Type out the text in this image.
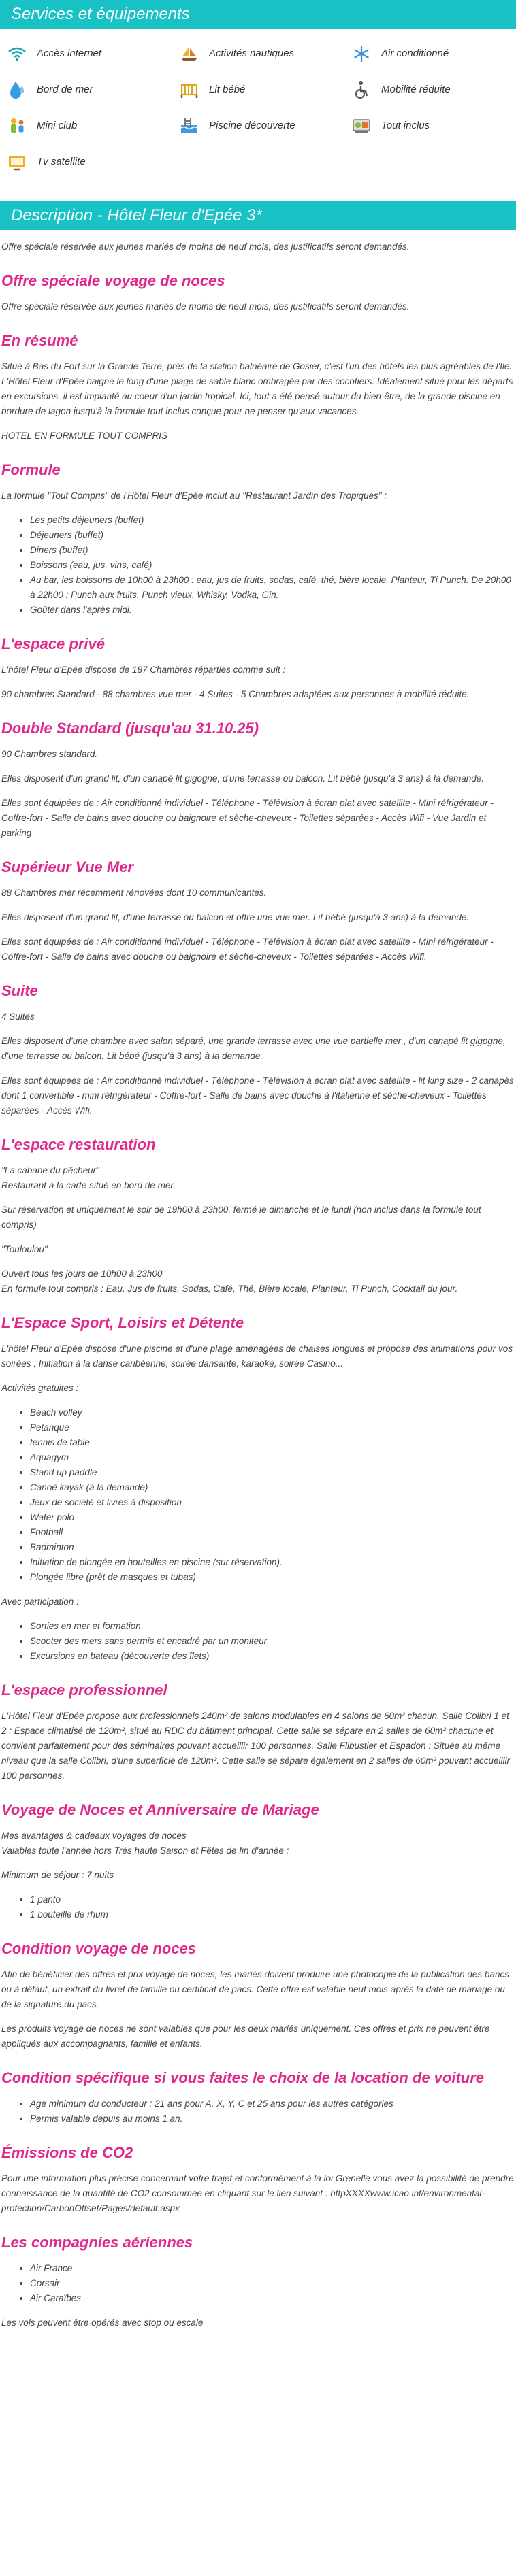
Services et équipements
Accès internet	Activités nautiques	Air conditionné
Bord de mer	Lit bébé	Mobilité réduite
Mini club	Piscine découverte	Tout inclus
Tv satellite
Description - Hôtel Fleur d'Epée 3*

Offre spéciale réservée aux jeunes mariés de moins de neuf mois, des justificatifs seront demandés.

Offre spéciale voyage de noces

Offre spéciale réservée aux jeunes mariés de moins de neuf mois, des justificatifs seront demandés.

En résumé

Situé à Bas du Fort sur la Grande Terre, près de la station balnéaire de Gosier, c'est l'un des hôtels les plus agréables de l'Ile. L'Hôtel Fleur d'Epée baigne le long d'une plage de sable blanc ombragée par des cocotiers. Idéalement situé pour les départs en excursions, il est implanté au coeur d'un jardin tropical. Ici, tout a été pensé autour du bien-être, de la grande piscine en bordure de lagon jusqu'à la formule tout inclus conçue pour ne penser qu'aux vacances.

HOTEL EN FORMULE TOUT COMPRIS

Formule

La formule "Tout Compris" de l'Hôtel Fleur d'Epée inclut au "Restaurant Jardin des Tropiques" :

• Les petits déjeuners (buffet)
• Déjeuners (buffet)
• Diners (buffet)
• Boissons (eau, jus, vins, café)
• Au bar, les boissons de 10h00 à 23h00 : eau, jus de fruits, sodas, café, thé, bière locale, Planteur, Ti Punch. De 20h00 à 22h00 : Punch aux fruits, Punch vieux, Whisky, Vodka, Gin.
• Goûter dans l'après midi.
L'espace privé

L'hôtel Fleur d'Epée dispose de 187 Chambres réparties comme suit :

90 chambres Standard - 88 chambres vue mer - 4 Suites - 5 Chambres adaptées aux personnes à mobilité réduite.

Double Standard (jusqu'au 31.10.25)

90 Chambres standard.

Elles disposent d'un grand lit, d'un canapé lit gigogne, d'une terrasse ou balcon. Lit bébé (jusqu'à 3 ans) à la demande.

Elles sont équipées de : Air conditionné individuel - Téléphone - Télévision à écran plat avec satellite - Mini réfrigérateur - Coffre-fort - Salle de bains avec douche ou baignoire et sèche-cheveux - Toilettes séparées - Accès Wifi - Vue Jardin et parking

Supérieur Vue Mer

88 Chambres mer récemment rénovées dont 10 communicantes.

Elles disposent d'un grand lit, d'une terrasse ou balcon et offre une vue mer. Lit bébé (jusqu'à 3 ans) à la demande.

Elles sont équipées de : Air conditionné individuel - Téléphone - Télévision à écran plat avec satellite - Mini réfrigérateur - Coffre-fort - Salle de bains avec douche ou baignoire et sèche-cheveux - Toilettes séparées - Accès Wifi.

Suite

4 Suites

Elles disposent d'une chambre avec salon séparé, une grande terrasse avec une vue partielle mer , d'un canapé lit gigogne, d'une terrasse ou balcon. Lit bébé (jusqu'à 3 ans) à la demande.

Elles sont équipées de : Air conditionné individuel - Téléphone - Télévision à écran plat avec satellite - lit king size - 2 canapés dont 1 convertible - mini réfrigérateur - Coffre-fort - Salle de bains avec douche à l'italienne et sèche-cheveux - Toilettes séparées - Accès Wifi.

L'espace restauration

"La cabane du pêcheur"
Restaurant à la carte situé en bord de mer.

Sur réservation et uniquement le soir de 19h00 à 23h00, fermé le dimanche et le lundi (non inclus dans la formule tout compris)

"Touloulou"

Ouvert tous les jours de 10h00 à 23h00
En formule tout compris : Eau, Jus de fruits, Sodas, Café, Thé, Bière locale, Planteur, Ti Punch, Cocktail du jour.

L'Espace Sport, Loisirs et Détente

L'hôtel Fleur d'Epée dispose d'une piscine et d'une plage aménagées de chaises longues et propose des animations pour vos soirées : Initiation à la danse caribéenne, soirée dansante, karaoké, soirée Casino...

Activités gratuites :

• Beach volley
• Petanque
• tennis de table
• Aquagym
• Stand up paddle
• Canoë kayak (à la demande)
• Jeux de société et livres à disposition
• Water polo
• Football
• Badminton
• Initiation de plongée en bouteilles en piscine (sur réservation).
• Plongée libre (prêt de masques et tubas)

Avec participation :

• Sorties en mer et formation
• Scooter des mers sans permis et encadré par un moniteur
• Excursions en bateau (découverte des îlets)
L'espace professionnel

L'Hôtel Fleur d'Epée propose aux professionnels 240m² de salons modulables en 4 salons de 60m² chacun. Salle Colibri 1 et 2 : Espace climatisé de 120m², situé au RDC du bâtiment principal. Cette salle se sépare en 2 salles de 60m² chacune et convient parfaitement pour des séminaires pouvant accueillir 100 personnes. Salle Flibustier et Espadon : Située au même niveau que la salle Colibri, d'une superficie de 120m². Cette salle se sépare également en 2 salles de 60m² pouvant accueillir 100 personnes.

Voyage de Noces et Anniversaire de Mariage

Mes avantages & cadeaux voyages de noces
Valables toute l'année hors Très haute Saison et Fêtes de fin d'année :

Minimum de séjour : 7 nuits

• 1 panto
• 1 bouteille de rhum
Condition voyage de noces

Afin de bénéficier des offres et prix voyage de noces, les mariés doivent produire une photocopie de la publication des bancs ou à défaut, un extrait du livret de famille ou certificat de pacs. Cette offre est valable neuf mois après la date de mariage ou de la signature du pacs.

Les produits voyage de noces ne sont valables que pour les deux mariés uniquement. Ces offres et prix ne peuvent être appliqués aux accompagnants, famille et enfants.

Condition spécifique si vous faites le choix de la location de voiture
• Age minimum du conducteur : 21 ans pour A, X, Y, C et 25 ans pour les autres catégories
• Permis valable depuis au moins 1 an.
Émissions de CO2

Pour une information plus précise concernant votre trajet et conformément à la loi Grenelle vous avez la possibilité de prendre connaissance de la quantité de CO2 consommée en cliquant sur le lien suivant : httpXXXXwww.icao.int/environmental-protection/CarbonOffset/Pages/default.aspx

Les compagnies aériennes
• Air France
• Corsair
• Air Caraïbes

Les vols peuvent être opérés avec stop ou escale
